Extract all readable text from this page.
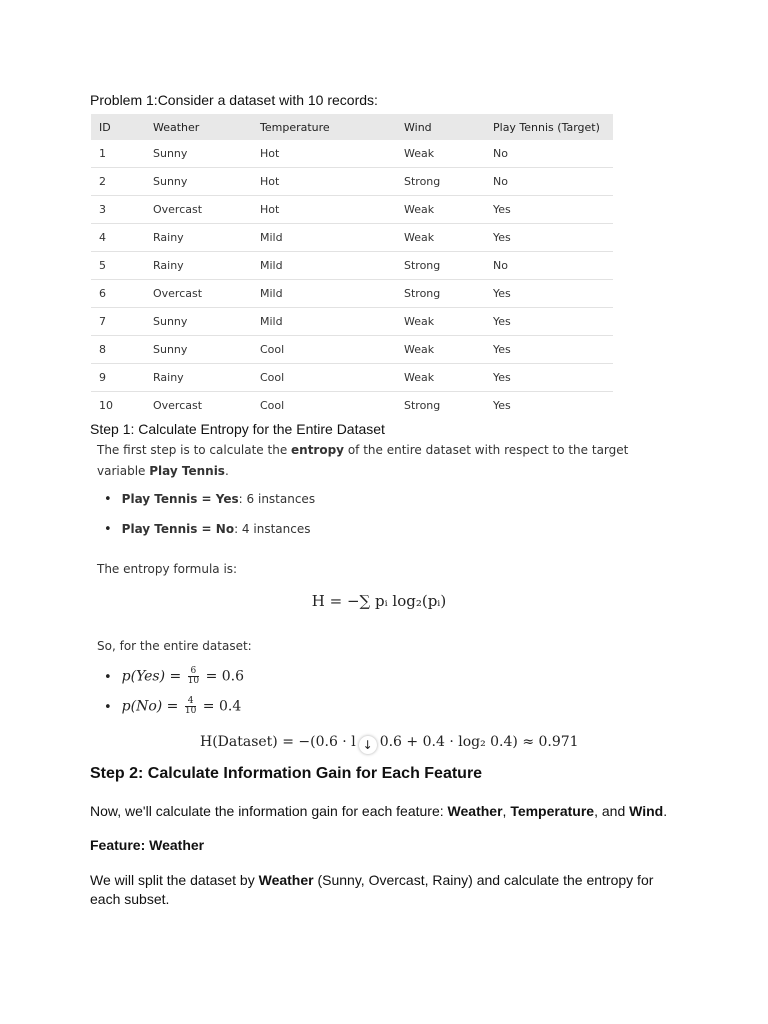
Problem 1:Consider a dataset with 10 records:
ID	Weather	Temperature	Wind	Play Tennis (Target)
1	Sunny	Hot	Weak	No
2	Sunny	Hot	Strong	No
3	Overcast	Hot	Weak	Yes
4	Rainy	Mild	Weak	Yes
5	Rainy	Mild	Strong	No
6	Overcast	Mild	Strong	Yes
7	Sunny	Mild	Weak	Yes
8	Sunny	Cool	Weak	Yes
9	Rainy	Cool	Weak	Yes
10	Overcast	Cool	Strong	Yes
Step 1: Calculate Entropy for the Entire Dataset
The first step is to calculate the entropy of the entire dataset with respect to the target variable Play Tennis.
• Play Tennis = Yes: 6 instances
• Play Tennis = No: 4 instances
The entropy formula is:
H = −∑ pᵢ log₂(pᵢ)
So, for the entire dataset:
• $p(Yes) = \frac{6}{10} = 0.6$
• $p(No) = \frac{4}{10} = 0.4$
H(Dataset) = −(0.6 · l ↓ 0.6 + 0.4 · log₂ 0.4) ≈ 0.971
Step 2: Calculate Information Gain for Each Feature
Now, we'll calculate the information gain for each feature: Weather, Temperature, and Wind.
Feature: Weather
We will split the dataset by Weather (Sunny, Overcast, Rainy) and calculate the entropy for each subset.
